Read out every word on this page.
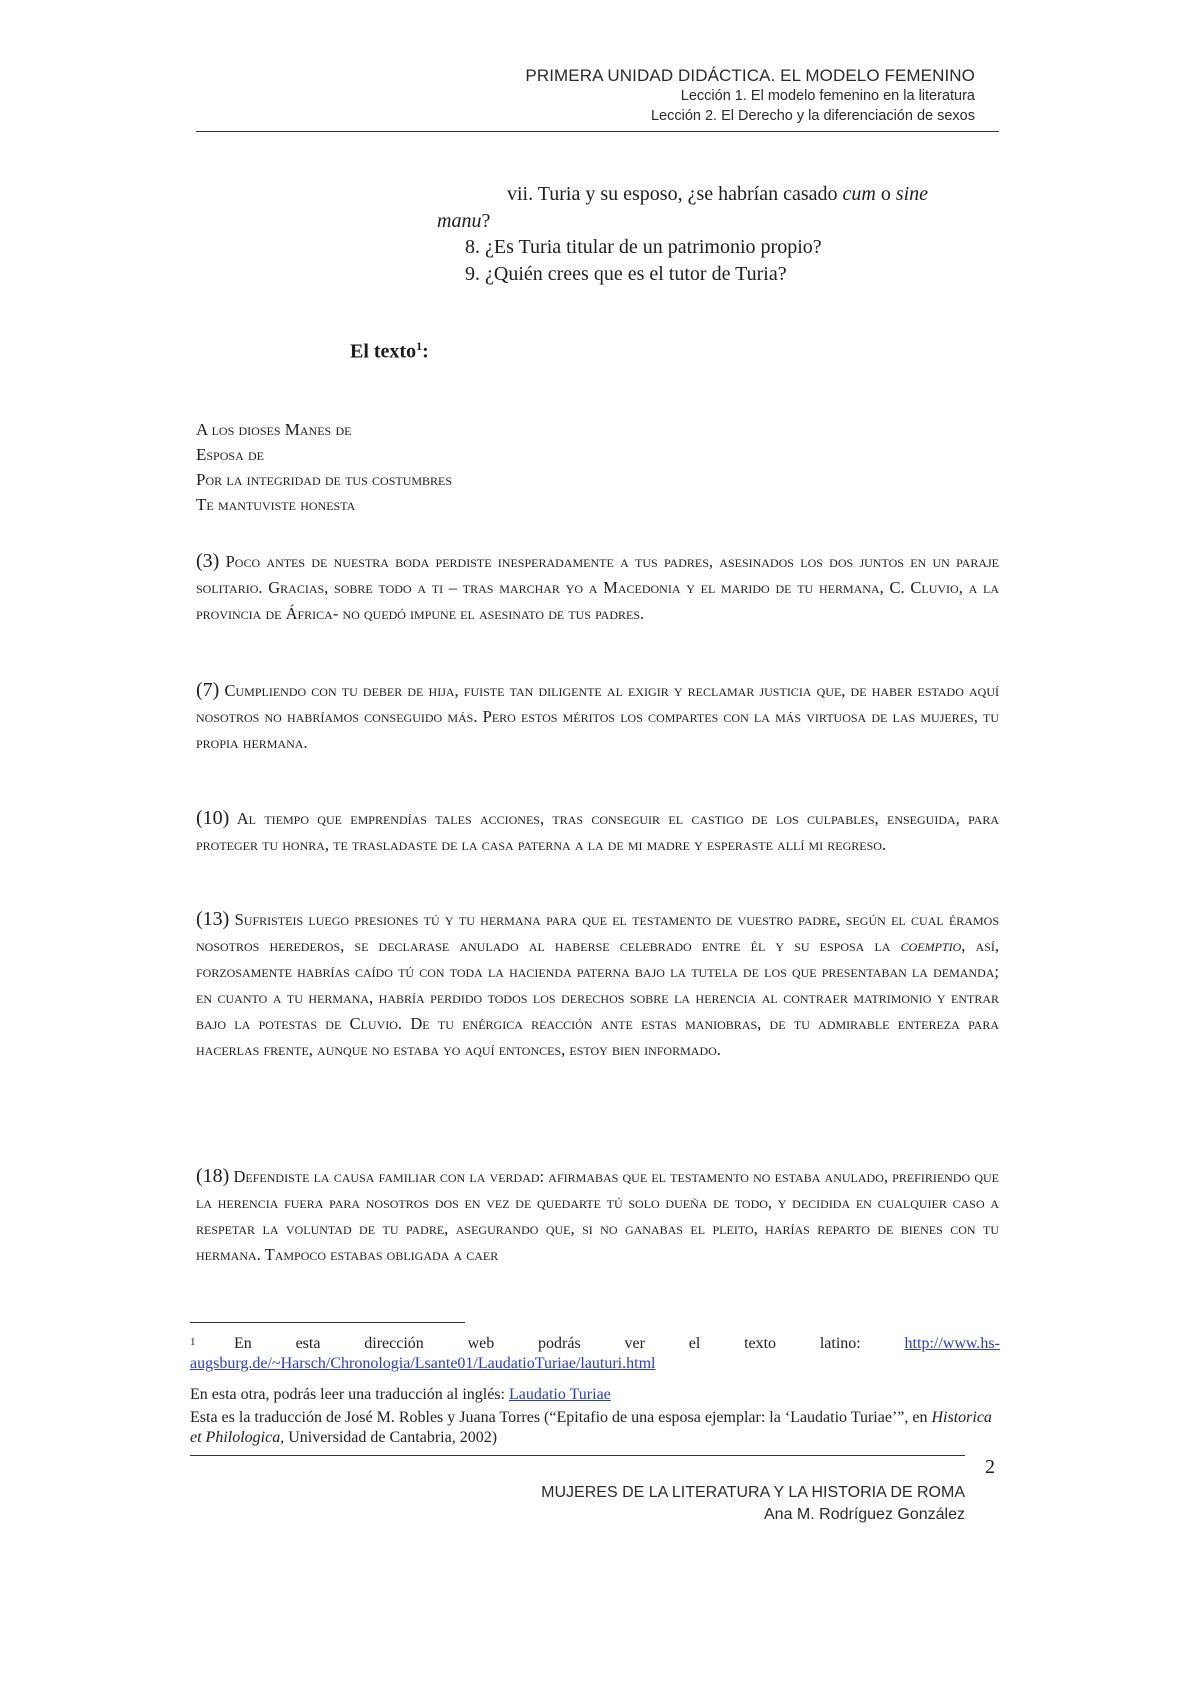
PRIMERA UNIDAD DIDÁCTICA. EL MODELO FEMENINO
Lección 1. El modelo femenino en la literatura
Lección 2. El Derecho y la diferenciación de sexos
vii. Turia y su esposo, ¿se habrían casado cum o sine
manu?
8. ¿Es Turia titular de un patrimonio propio?
9. ¿Quién crees que es el tutor de Turia?
El texto$^1$:
A los dioses Manes de
Esposa de
Por la integridad de tus costumbres
Te mantuviste honesta
(3) Poco antes de nuestra boda perdiste inesperadamente a tus padres, asesinados los dos juntos en un paraje solitario. Gracias, sobre todo a ti – tras marchar yo a Macedonia y el marido de tu hermana, C. Cluvio, a la provincia de África- no quedó impune el asesinato de tus padres.
(7) Cumpliendo con tu deber de hija, fuiste tan diligente al exigir y reclamar justicia que, de haber estado aquí nosotros no habríamos conseguido más. Pero estos méritos los compartes con la más virtuosa de las mujeres, tu propia hermana.
(10) Al tiempo que emprendías tales acciones, tras conseguir el castigo de los culpables, enseguida, para proteger tu honra, te trasladaste de la casa paterna a la de mi madre y esperaste allí mi regreso.
(13) Sufristeis luego presiones tú y tu hermana para que el testamento de vuestro padre, según el cual éramos nosotros herederos, se declarase anulado al haberse celebrado entre él y su esposa la coemptio, así, forzosamente habrías caído tú con toda la hacienda paterna bajo la tutela de los que presentaban la demanda; en cuanto a tu hermana, habría perdido todos los derechos sobre la herencia al contraer matrimonio y entrar bajo la potestas de Cluvio. De tu enérgica reacción ante estas maniobras, de tu admirable entereza para hacerlas frente, aunque no estaba yo aquí entonces, estoy bien informado.
(18) Defendiste la causa familiar con la verdad: afirmabas que el testamento no estaba anulado, prefiriendo que la herencia fuera para nosotros dos en vez de quedarte tú solo dueña de todo, y decidida en cualquier caso a respetar la voluntad de tu padre, asegurando que, si no ganabas el pleito, harías reparto de bienes con tu hermana. Tampoco estabas obligada a caer
1 En	esta	dirección	web	podrás	ver	el	texto	latino:	http://www.hs-
augsburg.de/~Harsch/Chronologia/Lsante01/LaudatioTuriae/lauturi.html
En esta otra, podrás leer una traducción al inglés: Laudatio Turiae
Esta es la traducción de José M. Robles y Juana Torres (“Epitafio de una esposa ejemplar: la ‘Laudatio Turiae’”, en Historica et Philologica, Universidad de Cantabria, 2002)
2
MUJERES DE LA LITERATURA Y LA HISTORIA DE ROMA
Ana M. Rodríguez González
